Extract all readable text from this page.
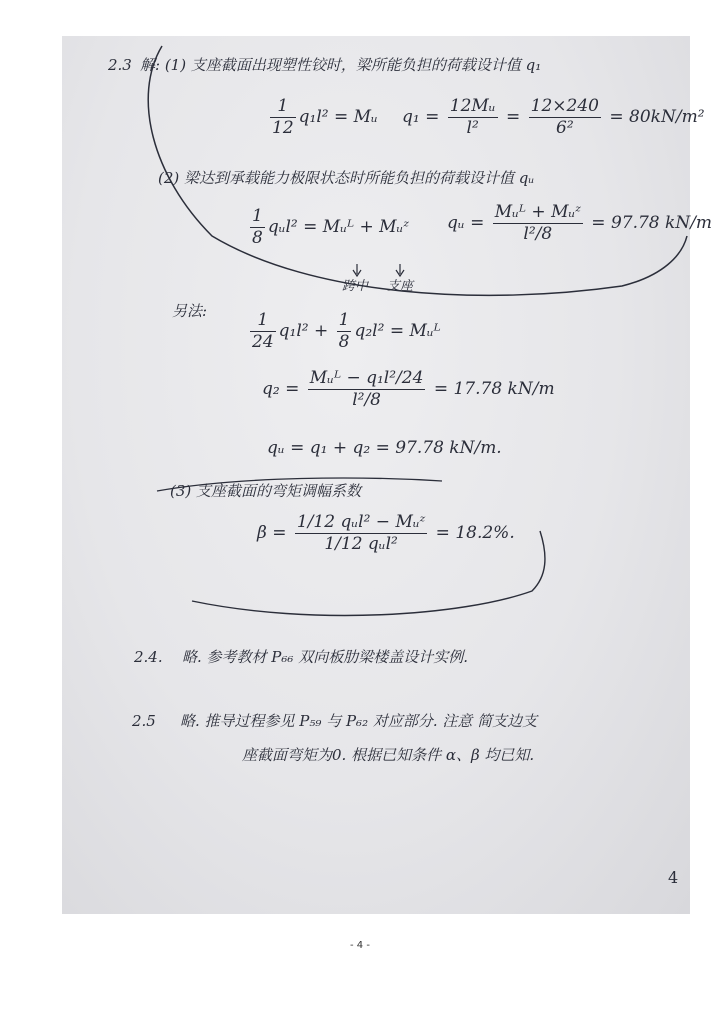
2.3 解: (1) 支座截面出现塑性铰时，梁所能负担的荷载设计值 q₁
$\frac{1}{12} q_1l^2$ = Mᵤ $q_1 = \frac{\text{12Mᵤ}}{\text{l²}} = \frac{12\times 240}{\text{6²}} = 80kN/m^2$
(2) 梁达到承载能力极限状态时所能负担的荷载设计值 qᵤ
$\frac{1}{8}$ qᵤl² = Mᵤᴸ + Mᵤᶻ qᵤ = $\frac{\text{Mᵤᴸ + Mᵤᶻ}}{\text{l²/8}} = 97.78$ kN/m
跨中 支座
另法:
$\frac{1}{24} q_1l^2 + \frac{1}{8} q_2l^2$ = Mᵤᴸ
$q_2 = \frac{\text{Mᵤᴸ − q₁l²/24}}{\text{l²/8}} = 17.78$ kN/m
qᵤ = q₁ + q₂ = 97.78 kN/m.
(3) 支座截面的弯矩调幅系数
$\beta = \frac{\text{1/12 qᵤl² − Mᵤᶻ}}{\text{1/12 qᵤl²}} = 18.2\%$.
2.4. 略. 参考教材 P₆₆ 双向板肋梁楼盖设计实例.
2.5 略. 推导过程参见 P₅₉ 与 P₆₂ 对应部分. 注意 简支边支
座截面弯矩为0. 根据已知条件 α、β 均已知.
4
- 4 -
